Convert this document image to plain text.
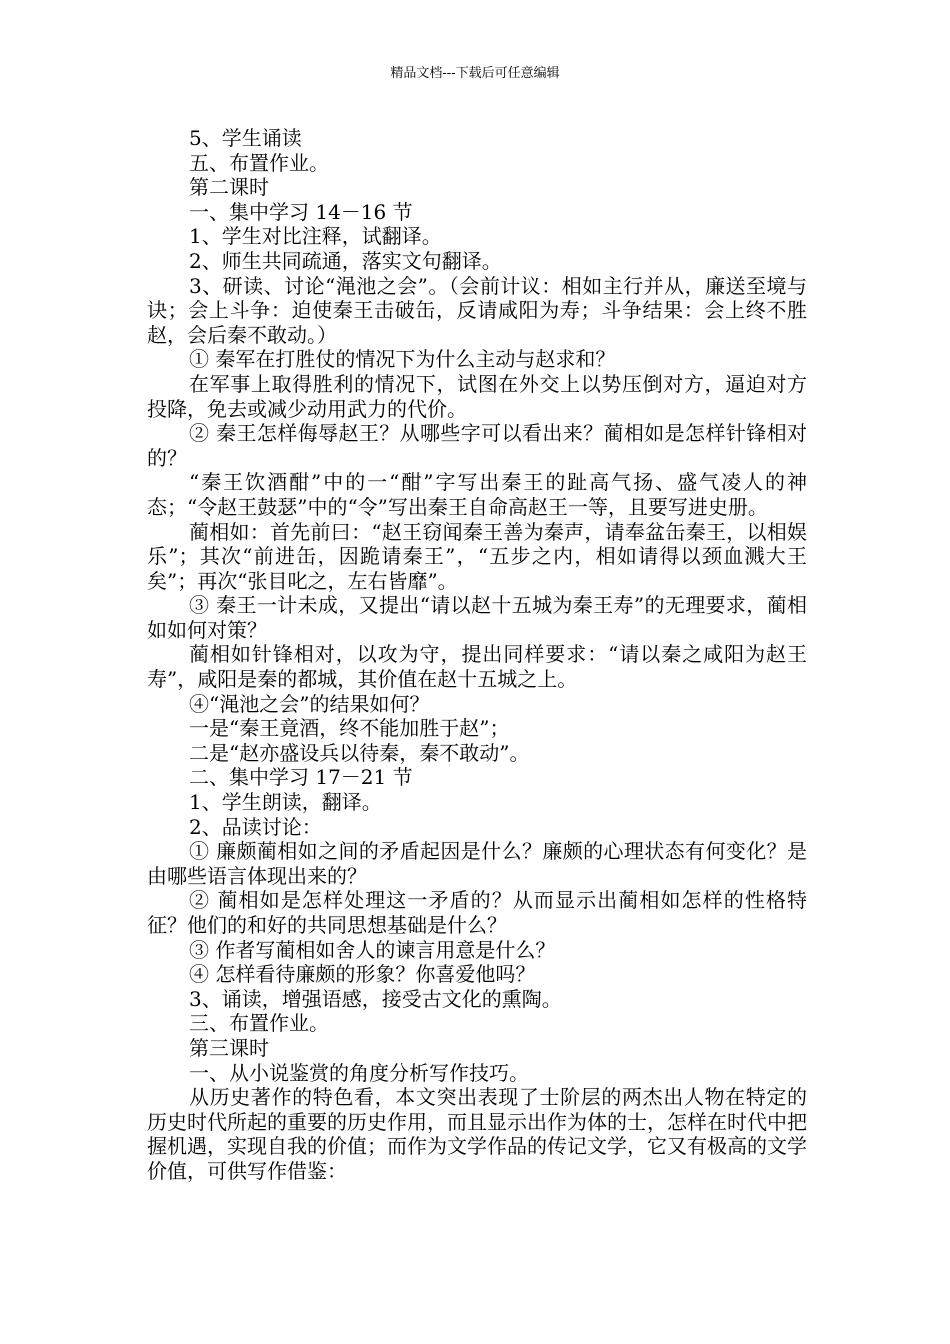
精品文档---下载后可任意编辑

5、学生诵读

五、布置作业。

第二课时

一、集中学习 14－16 节

1、学生对比注释，试翻译。

2、师生共同疏通，落实文句翻译。

3、研读、讨论“渑池之会”。（会前计议：相如主行并从，廉送至境与诀；会上斗争：迫使秦王击破缶，反请咸阳为寿；斗争结果：会上终不胜赵，会后秦不敢动。）

① 秦军在打胜仗的情况下为什么主动与赵求和？

在军事上取得胜利的情况下，试图在外交上以势压倒对方，逼迫对方投降，免去或减少动用武力的代价。

② 秦王怎样侮辱赵王？从哪些字可以看出来？蔺相如是怎样针锋相对的？

“秦王饮酒酣”中的一“酣”字写出秦王的趾高气扬、盛气凌人的神态；“令赵王鼓瑟”中的“令”写出秦王自命高赵王一等，且要写进史册。

蔺相如：首先前曰：“赵王窃闻秦王善为秦声，请奉盆缶秦王，以相娱乐”；其次“前进缶，因跪请秦王”，“五步之内，相如请得以颈血溅大王矣”；再次“张目叱之，左右皆靡”。

③ 秦王一计未成，又提出“请以赵十五城为秦王寿”的无理要求，蔺相如如何对策？

蔺相如针锋相对，以攻为守，提出同样要求：“请以秦之咸阳为赵王寿”，咸阳是秦的都城，其价值在赵十五城之上。

④“渑池之会”的结果如何？

一是“秦王竟酒，终不能加胜于赵”；

二是“赵亦盛设兵以待秦，秦不敢动”。

二、集中学习 17－21 节

1、学生朗读，翻译。

2、品读讨论：

① 廉颇蔺相如之间的矛盾起因是什么？廉颇的心理状态有何变化？是由哪些语言体现出来的？

② 蔺相如是怎样处理这一矛盾的？从而显示出蔺相如怎样的性格特征？他们的和好的共同思想基础是什么？

③ 作者写蔺相如舍人的谏言用意是什么？

④ 怎样看待廉颇的形象？你喜爱他吗？

3、诵读，增强语感，接受古文化的熏陶。

三、布置作业。

第三课时

一、从小说鉴赏的角度分析写作技巧。

从历史著作的特色看，本文突出表现了士阶层的两杰出人物在特定的历史时代所起的重要的历史作用，而且显示出作为体的士，怎样在时代中把握机遇，实现自我的价值；而作为文学作品的传记文学，它又有极高的文学价值，可供写作借鉴：
